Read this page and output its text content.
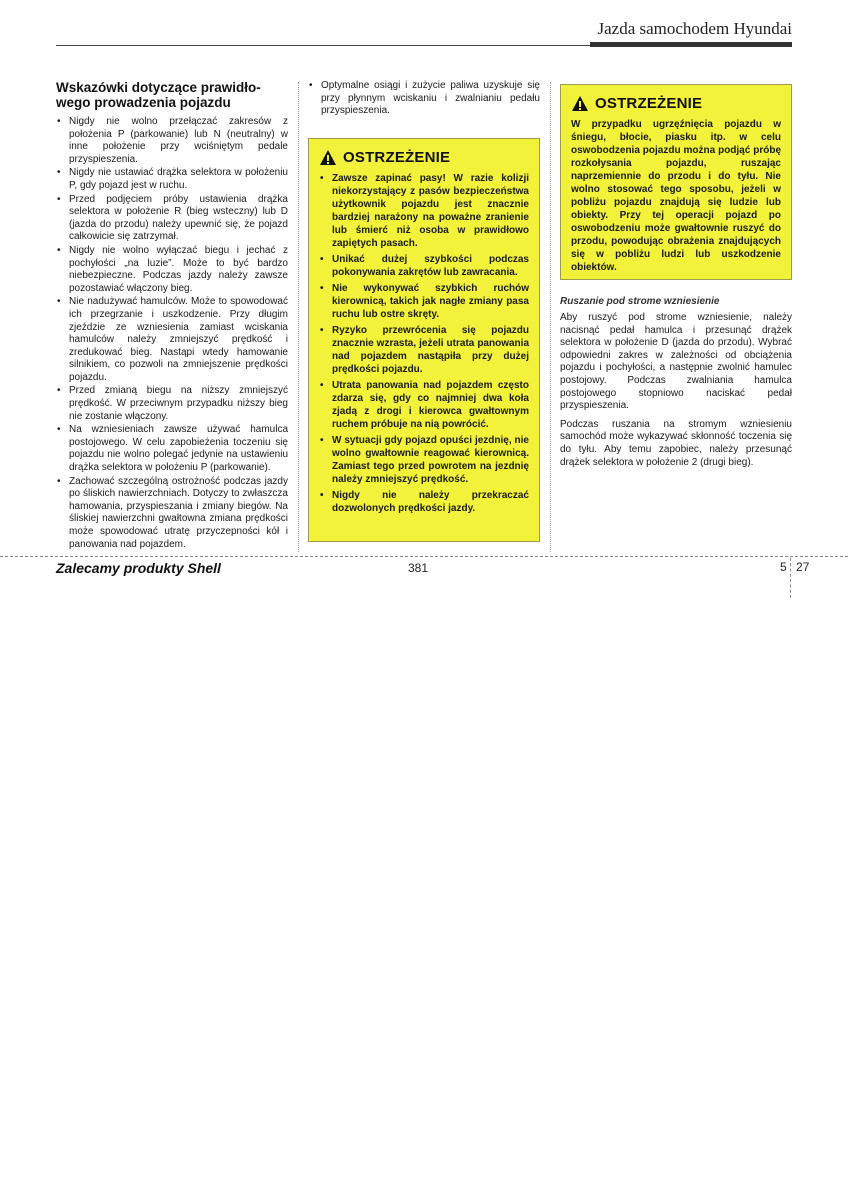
Jazda samochodem Hyundai
Wskazówki dotyczące prawidło-
wego prowadzenia pojazdu
• Nigdy nie wolno przełączać zakresów z położenia P (parkowanie) lub N (neutralny) w inne położenie przy wciśniętym pedale przyspieszenia.
• Nigdy nie ustawiać drążka selektora w położeniu P, gdy pojazd jest w ruchu.
• Przed podjęciem próby ustawienia drążka selektora w położenie R (bieg wsteczny) lub D (jazda do przodu) należy upewnić się, że pojazd całkowicie się zatrzymał.
• Nigdy nie wolno wyłączać biegu i jechać z pochyłości „na luzie”. Może to być bardzo niebezpieczne. Podczas jazdy należy zawsze pozostawiać włączony bieg.
• Nie nadużywać hamulców. Może to spowodować ich przegrzanie i uszkodzenie. Przy długim zjeździe ze wzniesienia zamiast wciskania hamulców należy zmniejszyć prędkość i zredukować bieg. Nastąpi wtedy hamowanie silnikiem, co pozwoli na zmniejszenie prędkości pojazdu.
• Przed zmianą biegu na niższy zmniejszyć prędkość. W przeciwnym przypadku niższy bieg nie zostanie włączony.
• Na wzniesieniach zawsze używać hamulca postojowego. W celu zapobieżenia toczeniu się pojazdu nie wolno polegać jedynie na ustawieniu drążka selektora w położeniu P (parkowanie).
• Zachować szczególną ostrożność podczas jazdy po śliskich nawierzchniach. Dotyczy to zwłaszcza hamowania, przyspieszania i zmiany biegów. Na śliskiej nawierzchni gwałtowna zmiana prędkości może spowodować utratę przyczepności kół i panowania nad pojazdem.
• Optymalne osiągi i zużycie paliwa uzyskuje się przy płynnym wciskaniu i zwalnianiu pedału przyspieszenia.
OSTRZEŻENIE
• Zawsze zapinać pasy! W razie kolizji niekorzystający z pasów bezpieczeństwa użytkownik pojazdu jest znacznie bardziej narażony na poważne zranienie lub śmierć niż osoba w prawidłowo zapiętych pasach.
• Unikać dużej szybkości podczas pokonywania zakrętów lub zawracania.
• Nie wykonywać szybkich ruchów kierownicą, takich jak nagłe zmiany pasa ruchu lub ostre skręty.
• Ryzyko przewrócenia się pojazdu znacznie wzrasta, jeżeli utrata panowania nad pojazdem nastąpiła przy dużej prędkości pojazdu.
• Utrata panowania nad pojazdem często zdarza się, gdy co najmniej dwa koła zjadą z drogi i kierowca gwałtownym ruchem próbuje na nią powrócić.
• W sytuacji gdy pojazd opuści jezdnię, nie wolno gwałtownie reagować kierownicą. Zamiast tego przed powrotem na jezdnię należy zmniejszyć prędkość.
• Nigdy nie należy przekraczać dozwolonych prędkości jazdy.
OSTRZEŻENIE

W przypadku ugrzęźnięcia pojazdu w śniegu, błocie, piasku itp. w celu oswobodzenia pojazdu można podjąć próbę rozkołysania pojazdu, ruszając naprzemiennie do przodu i do tyłu. Nie wolno stosować tego sposobu, jeżeli w pobliżu pojazdu znajdują się ludzie lub obiekty. Przy tej operacji pojazd po oswobodzeniu może gwałtownie ruszyć do przodu, powodując obrażenia znajdujących się w pobliżu ludzi lub uszkodzenie obiektów.

Ruszanie pod strome wzniesienie

Aby ruszyć pod strome wzniesienie, należy nacisnąć pedał hamulca i przesunąć drążek selektora w położenie D (jazda do przodu). Wybrać odpowiedni zakres w zależności od obciążenia pojazdu i pochyłości, a następnie zwolnić hamulec postojowy. Podczas zwalniania hamulca postojowego stopniowo naciskać pedał przyspieszenia.

Podczas ruszania na stromym wzniesieniu samochód może wykazywać skłonność toczenia się do tyłu. Aby temu zapobiec, należy przesunąć drążek selektora w położenie 2 (drugi bieg).

Zalecamy produkty Shell	381	5 27
